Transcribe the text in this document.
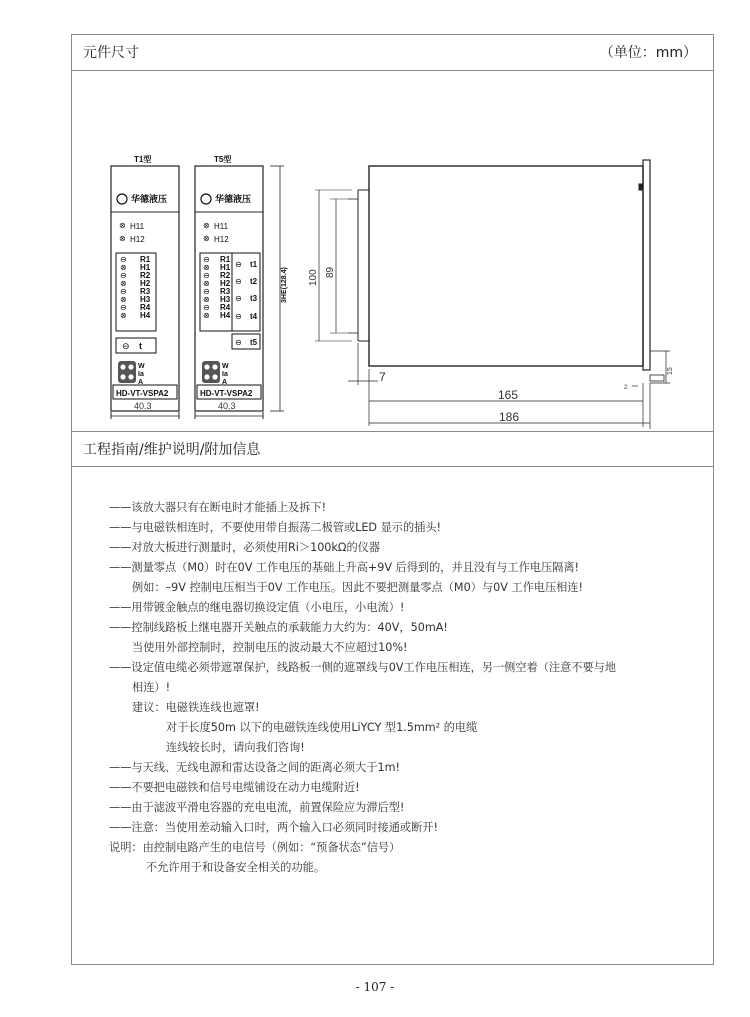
元件尺寸	（单位：mm）
T1型
华德液压
⊗ H11
⊗ H12
⊖ R1
⊗ H1
⊖ R2
⊗ H2
⊖ R3
⊗ H3
⊖ R4
⊗ H4
⊖ t
W
Ia
A
HD-VT-VSPA2
40.3
T5型
华德液压
⊗ H11
⊗ H12
⊖ R1
⊗ H1
⊖ R2
⊗ H2
⊖ R3
⊗ H3
⊖ R4
⊗ H4
⊖ t1
⊖ t2
⊖ t3
⊖ t4
⊖ t5
W
Ia
A
HD-VT-VSPA2
40.3
3HE(128.4) 100 89
7
165
186
15
2
工程指南/维护说明/附加信息
——该放大器只有在断电时才能插上及拆下!
——与电磁铁相连时，不要使用带自振荡二极管或LED 显示的插头!
——对放大板进行测量时，必须使用Ri＞100kΩ的仪器
——测量零点（M0）时在0V 工作电压的基础上升高+9V 后得到的，并且没有与工作电压隔离!
例如：–9V 控制电压相当于0V 工作电压。因此不要把测量零点（M0）与0V 工作电压相连!
——用带镀金触点的继电器切换设定值（小电压，小电流）!
——控制线路板上继电器开关触点的承载能力大约为：40V，50mA!
当使用外部控制时，控制电压的波动最大不应超过10%!
——设定值电缆必须带遮罩保护，线路板一侧的遮罩线与0V工作电压相连，另一侧空着（注意不要与地
相连）!
建议：电磁铁连线也遮罩!
对于长度50m 以下的电磁铁连线使用LiYCY 型1.5mm² 的电缆
连线较长时，请向我们咨询!
——与天线、无线电源和雷达设备之间的距离必须大于1m!
——不要把电磁铁和信号电缆铺设在动力电缆附近!
——由于滤波平滑电容器的充电电流，前置保险应为滞后型!
——注意：当使用差动输入口时，两个输入口必须同时接通或断开!
说明：由控制电路产生的电信号（例如：“预备状态”信号）
不允许用于和设备安全相关的功能。
- 107 -
